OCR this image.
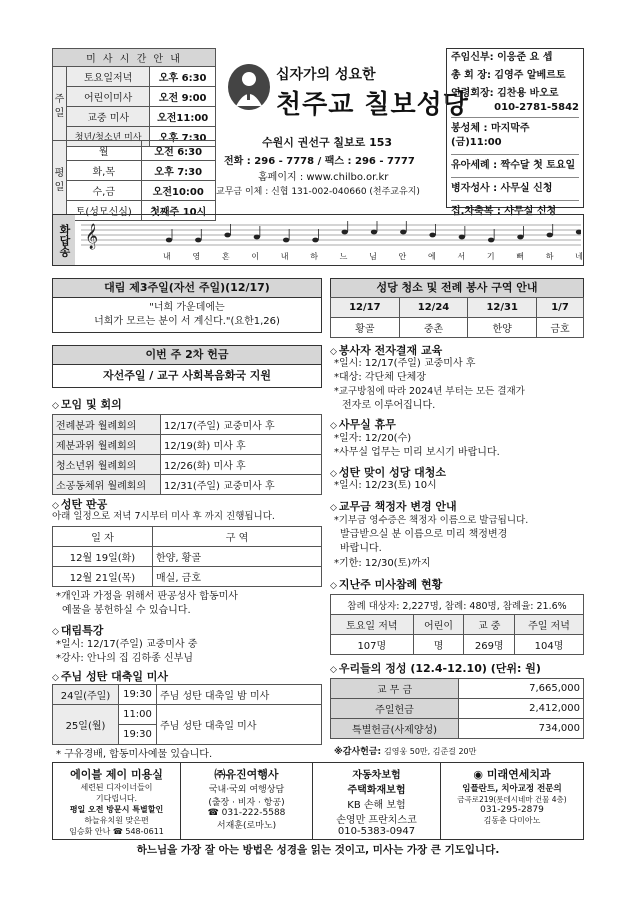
미 사 시 간 안 내		
주일	토요일저녁	오후 6:30
	어린이미사	오전 9:00
	교중 미사	오전11:00
	청년/청소년 미사	오후 7:30
평일	월	오전 6:30
	화,목	오후 7:30
	수,금	오전10:00
	토(성모신심)	첫째주 10시
십자가의 성요한
천주교 칠보성당
수원시 권선구 칠보로 153
전화 : 296 - 7778 / 팩스 : 296 - 7777
홈페이지 : www.chilbo.or.kr
교무금 이체 : 신협 131-002-040660 (천주교유지)
주임신부: 이응준 요 셉
총 회 장: 김영주 알베르토
연령회장: 김찬용 바오로
010-2781-5842
봉성체 : 마지막주(금)11:00
유아세례 : 짝수달 첫 토요일
병자성사 : 사무실 신청
집.차축복 : 사무실 신청
화답송 𝄞
내	영	혼	이	내	하	느	님	안	에	서	기	뻐	하	네
대림 제3주일(자선 주일)(12/17)
"너희 가운데에는
너희가 모르는 분이 서 계신다."(요한1,26)
이번 주 2차 헌금
자선주일 / 교구 사회복음화국 지원
◇ 모임 및 회의
전례분과 월례회의	12/17(주일) 교중미사 후
제분과위 월례회의	12/19(화) 미사 후
청소년위 월례회의	12/26(화) 미사 후
소공동체위 월례회의	12/31(주일) 교중미사 후
◇ 성탄 판공
아래 일정으로 저녁 7시부터 미사 후 까지 진행됩니다.
일 자	구 역
12월 19일(화)	한양, 황골
12월 21일(목)	매실, 금호
*개인과 가정을 위해서 판공성사 합동미사
예물을 봉헌하실 수 있습니다.
◇ 대림특강
*일시: 12/17(주일) 교중미사 중
*강사: 안나의 집 김하종 신부님
◇ 주님 성탄 대축일 미사
24일(주일)	19:30	주님 성탄 대축일 밤 미사
25일(월)	11:00	주님 성탄 대축일 미사
	19:30	
* 구유경배, 합동미사예물 있습니다.
성당 청소 및 전례 봉사 구역 안내
12/17	12/24	12/31	1/7
황골	중촌	한양	금호
◇ 봉사자 전자결재 교육
*일시: 12/17(주일) 교중미사 후
*대상: 각단체 단체장
*교구방침에 따라 2024년 부터는 모든 결재가
전자로 이루어집니다.
◇ 사무실 휴무
*일자: 12/20(수)
*사무실 업무는 미리 보시기 바랍니다.
◇ 성탄 맞이 성당 대청소
*일시: 12/23(토) 10시
◇ 교무금 책정자 변경 안내
*기부금 영수증은 책정자 이름으로 발급됩니다.
발급받으실 분 이름으로 미리 책정변경
바랍니다.
*기한: 12/30(토)까지
◇ 지난주 미사참례 현황
참례 대상자: 2,227명, 참례: 480명, 참례율: 21.6%			
토요일 저녁	어린이	교 중	주일 저녁
107명	명	269명	104명
◇ 우리들의 정성 (12.4-12.10) (단위: 원)
교 무 금	7,665,000
주일헌금	2,412,000
특별헌금(사제양성)	734,000
※감사헌금: 김영웅 50만, 김준걸 20만
에이블 제이 미용실
세련된 디자이너들이
기다립니다.
평일 오전 방문시 특별할인
하늘유치원 맞은편
임승화 안나 ☎ 548-0611
㈜유진여행사
국내·국외 여행상담
(출장 · 비자 · 항공)
☎ 031-222-5588
서재훈(로마노)
자동차보험
주택화재보험
KB 손해 보험
손영만 프란치스코
010-5383-0947
◉ 미래연세치과
임플란트, 치아교정 전문의
금곡로219(롯데시네마 건물 4층)
031-295-2879
김동춘 다미아노
하느님을 가장 잘 아는 방법은 성경을 읽는 것이고, 미사는 가장 큰 기도입니다.
